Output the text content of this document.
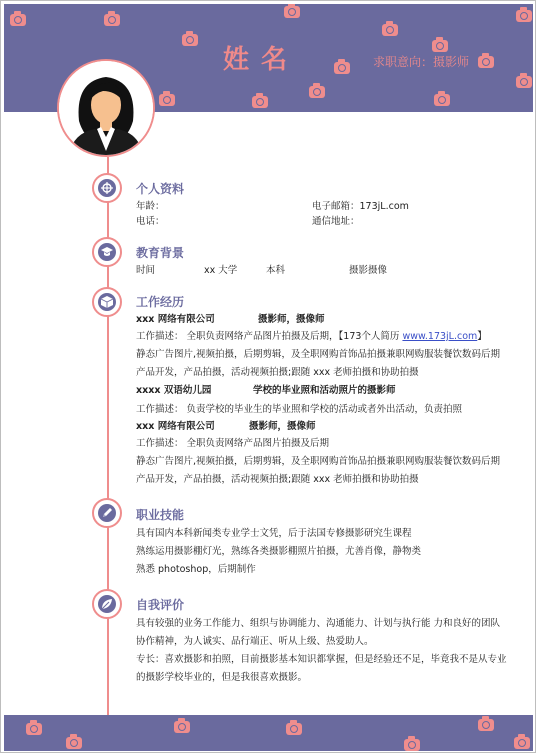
姓名	求职意向：摄影师
个人资料
年龄：
电话：
电子邮箱：173jL.com
通信地址：
教育背景
时间	xx 大学	本科	摄影摄像
工作经历
xxx 网络有限公司	摄影师，摄像师
工作描述： 全职负责网络产品图片拍摄及后期，【173个人简历 www.173jL.com】
静态广告图片,视频拍摄，后期剪辑，及全职网购首饰品拍摄兼职网购服装餐饮数码后期
产品开发，产品拍摄，活动视频拍摄;跟随 xxx 老师拍摄和协助拍摄
xxxx 双语幼儿园	学校的毕业照和活动照片的摄影师
工作描述： 负责学校的毕业生的毕业照和学校的活动或者外出活动，负责拍照
xxx 网络有限公司	摄影师，摄像师
工作描述： 全职负责网络产品图片拍摄及后期
静态广告图片,视频拍摄，后期剪辑，及全职网购首饰品拍摄兼职网购服装餐饮数码后期
产品开发，产品拍摄，活动视频拍摄;跟随 xxx 老师拍摄和协助拍摄
职业技能
具有国内本科新闻类专业学士文凭，后于法国专修摄影研究生课程
熟练运用摄影棚灯光，熟练各类摄影棚照片拍摄，尤善肖像，静物类
熟悉 photoshop，后期制作
自我评价
具有较强的业务工作能力、组织与协调能力、沟通能力、计划与执行能 力和良好的团队
协作精神，为人诚实、品行端正、听从上级、热爱助人。
专长：喜欢摄影和拍照，目前摄影基本知识都掌握，但是经验还不足，毕竟我不是从专业
的摄影学校毕业的，但是我很喜欢摄影。
